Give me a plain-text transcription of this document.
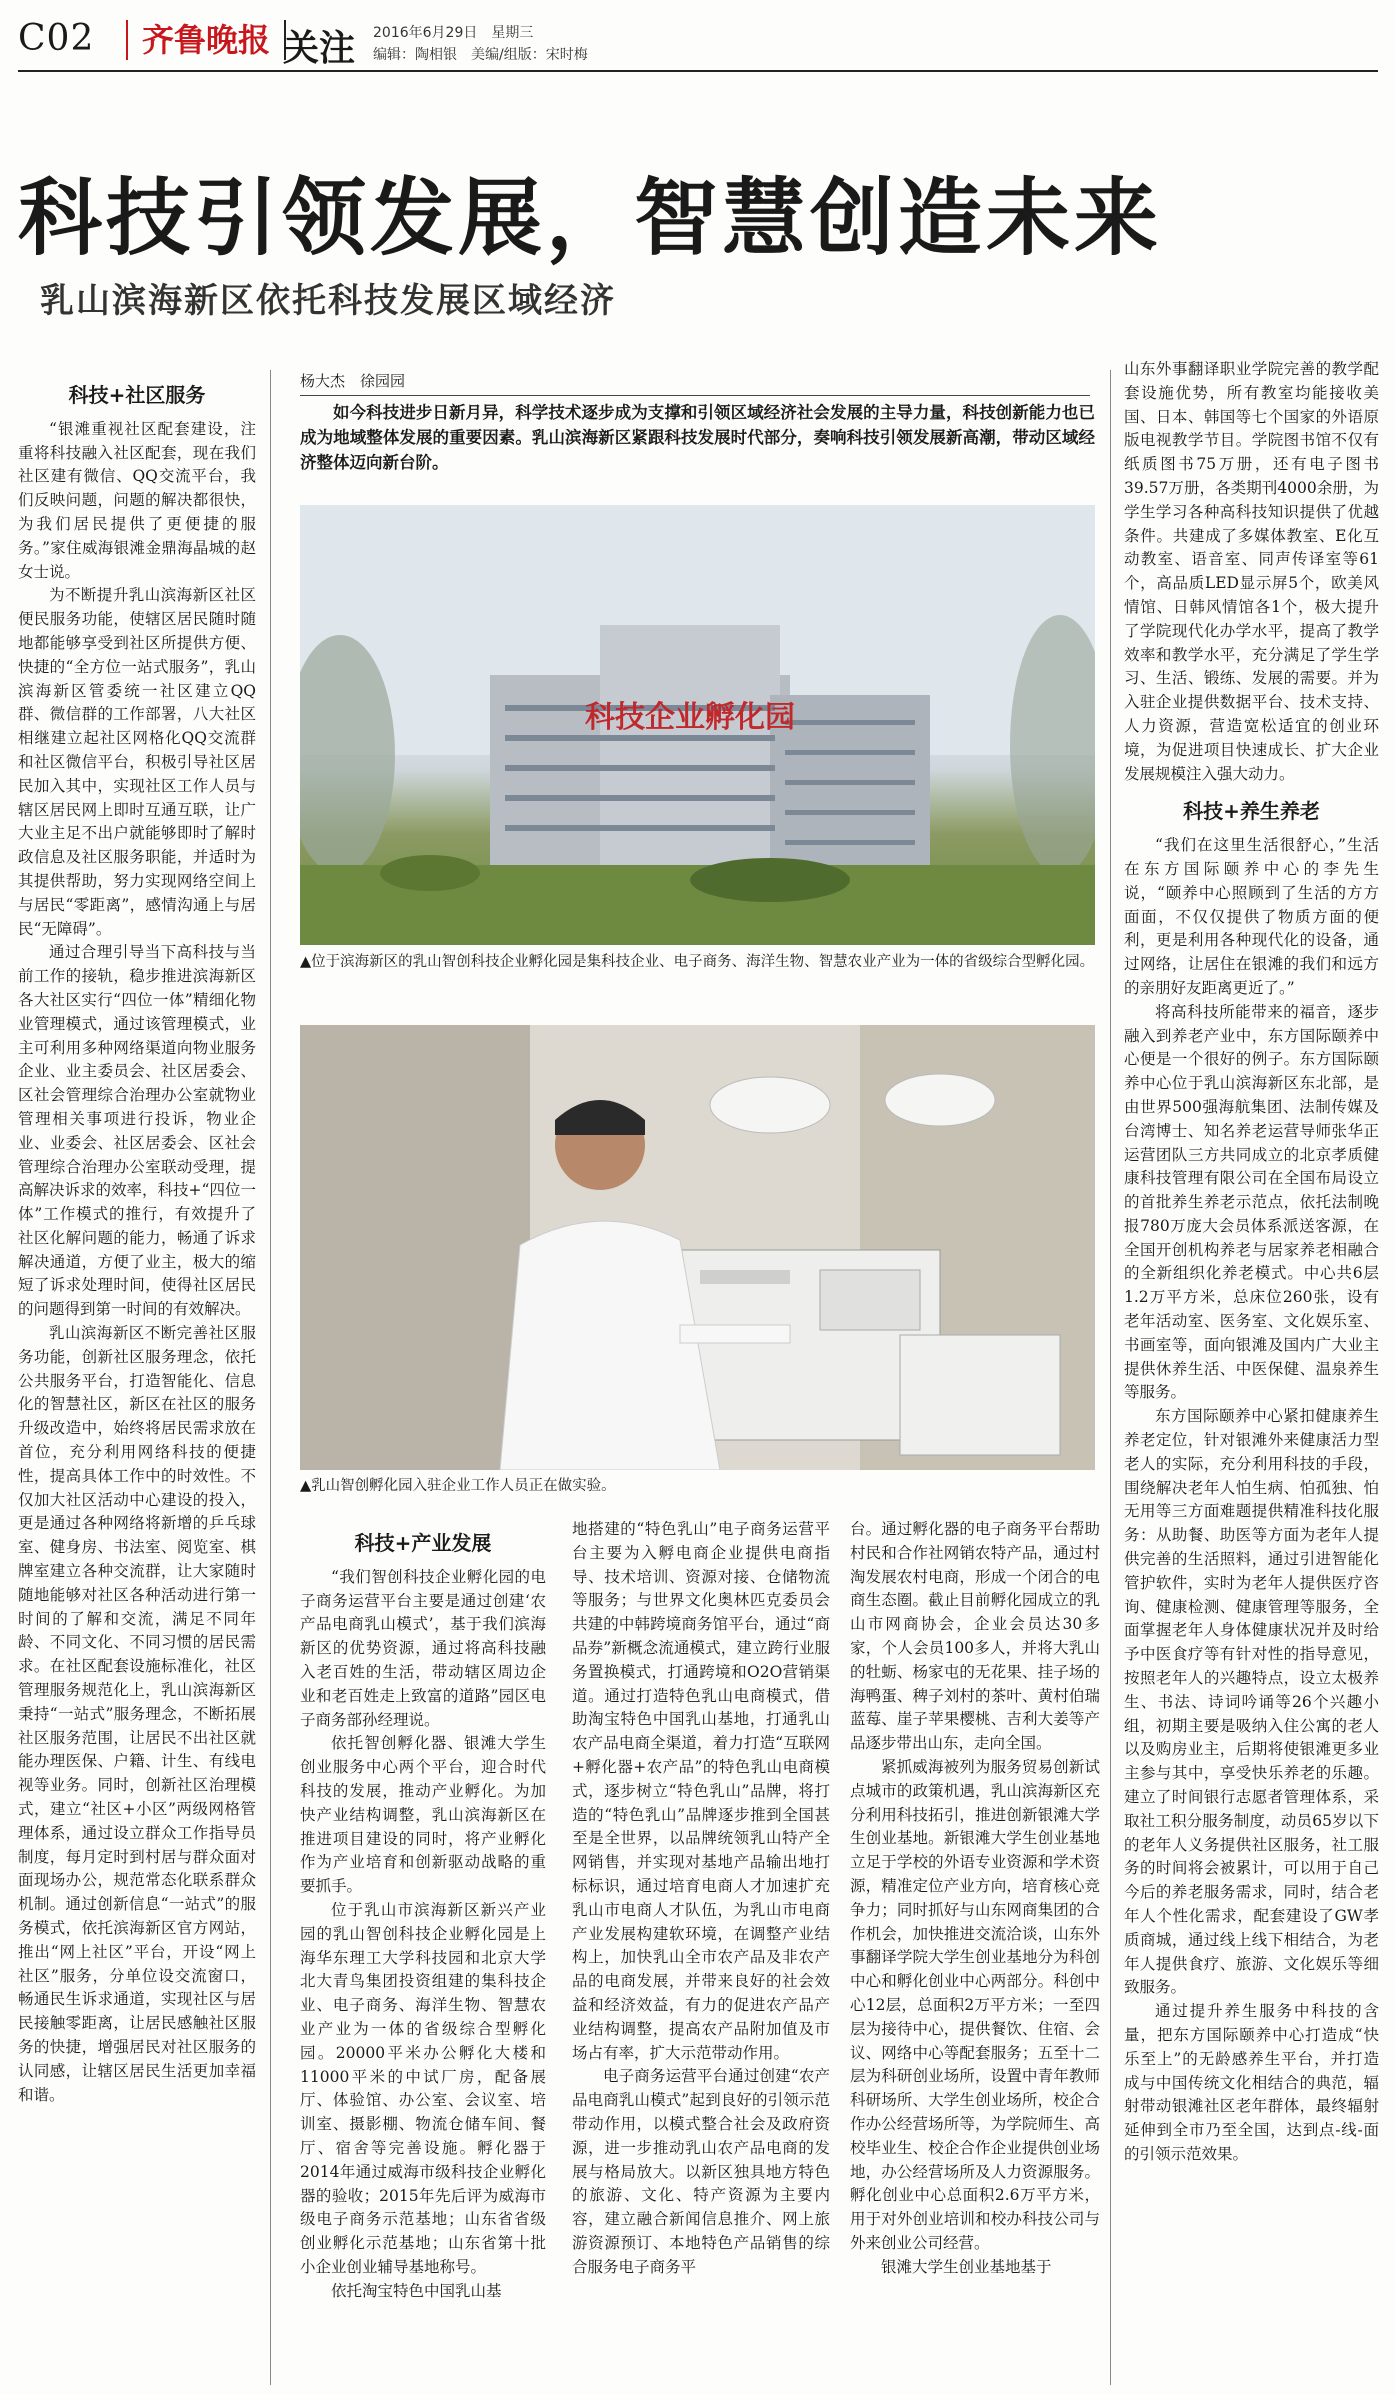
C02	齐鲁晚报 关注 2016年6月29日　星期三
编辑：陶相银　美编/组版：宋时梅
科技引领发展，智慧创造未来
乳山滨海新区依托科技发展区域经济
科技+社区服务

“银滩重视社区配套建设，注重将科技融入社区配套，现在我们社区建有微信、QQ交流平台，我们反映问题，问题的解决都很快，为我们居民提供了更便捷的服务。”家住威海银滩金鼎海晶城的赵女士说。

为不断提升乳山滨海新区社区便民服务功能，使辖区居民随时随地都能够享受到社区所提供方便、快捷的“全方位一站式服务”，乳山滨海新区管委统一社区建立QQ群、微信群的工作部署，八大社区相继建立起社区网格化QQ交流群和社区微信平台，积极引导社区居民加入其中，实现社区工作人员与辖区居民网上即时互通互联，让广大业主足不出户就能够即时了解时政信息及社区服务职能，并适时为其提供帮助，努力实现网络空间上与居民“零距离”，感情沟通上与居民“无障碍”。

通过合理引导当下高科技与当前工作的接轨，稳步推进滨海新区各大社区实行“四位一体”精细化物业管理模式，通过该管理模式，业主可利用多种网络渠道向物业服务企业、业主委员会、社区居委会、区社会管理综合治理办公室就物业管理相关事项进行投诉，物业企业、业委会、社区居委会、区社会管理综合治理办公室联动受理，提高解决诉求的效率，科技+“四位一体”工作模式的推行，有效提升了社区化解问题的能力，畅通了诉求解决通道，方便了业主，极大的缩短了诉求处理时间，使得社区居民的问题得到第一时间的有效解决。

乳山滨海新区不断完善社区服务功能，创新社区服务理念，依托公共服务平台，打造智能化、信息化的智慧社区，新区在社区的服务升级改造中，始终将居民需求放在首位，充分利用网络科技的便捷性，提高具体工作中的时效性。不仅加大社区活动中心建设的投入，更是通过各种网络将新增的乒乓球室、健身房、书法室、阅览室、棋牌室建立各种交流群，让大家随时随地能够对社区各种活动进行第一时间的了解和交流，满足不同年龄、不同文化、不同习惯的居民需求。在社区配套设施标准化，社区管理服务规范化上，乳山滨海新区秉持“一站式”服务理念，不断拓展社区服务范围，让居民不出社区就能办理医保、户籍、计生、有线电视等业务。同时，创新社区治理模式，建立“社区+小区”两级网格管理体系，通过设立群众工作指导员制度，每月定时到村居与群众面对面现场办公，规范常态化联系群众机制。通过创新信息“一站式”的服务模式，依托滨海新区官方网站，推出“网上社区”平台，开设“网上社区”服务，分单位设交流窗口，畅通民生诉求通道，实现社区与居民接触零距离，让居民感触社区服务的快捷，增强居民对社区服务的认同感，让辖区居民生活更加幸福和谐。

杨大杰　徐园园

如今科技进步日新月异，科学技术逐步成为支撑和引领区域经济社会发展的主导力量，科技创新能力也已成为地域整体发展的重要因素。乳山滨海新区紧跟科技发展时代部分，奏响科技引领发展新高潮，带动区域经济整体迈向新台阶。

科技企业孵化园

▲位于滨海新区的乳山智创科技企业孵化园是集科技企业、电子商务、海洋生物、智慧农业产业为一体的省级综合型孵化园。

▲乳山智创孵化园入驻企业工作人员正在做实验。

科技+产业发展

“我们智创科技企业孵化园的电子商务运营平台主要是通过创建‘农产品电商乳山模式’，基于我们滨海新区的优势资源，通过将高科技融入老百姓的生活，带动辖区周边企业和老百姓走上致富的道路”园区电子商务部孙经理说。

依托智创孵化器、银滩大学生创业服务中心两个平台，迎合时代科技的发展，推动产业孵化。为加快产业结构调整，乳山滨海新区在推进项目建设的同时，将产业孵化作为产业培育和创新驱动战略的重要抓手。

位于乳山市滨海新区新兴产业园的乳山智创科技企业孵化园是上海华东理工大学科技园和北京大学北大青鸟集团投资组建的集科技企业、电子商务、海洋生物、智慧农业产业为一体的省级综合型孵化园。20000平米办公孵化大楼和11000平米的中试厂房，配备展厅、体验馆、办公室、会议室、培训室、摄影棚、物流仓储车间、餐厅、宿舍等完善设施。孵化器于2014年通过威海市级科技企业孵化器的验收；2015年先后评为威海市级电子商务示范基地；山东省省级创业孵化示范基地；山东省第十批小企业创业辅导基地称号。

依托淘宝特色中国乳山基

地搭建的“特色乳山”电子商务运营平台主要为入孵电商企业提供电商指导、技术培训、资源对接、仓储物流等服务；与世界文化奥林匹克委员会共建的中韩跨境商务馆平台，通过“商品券”新概念流通模式，建立跨行业服务置换模式，打通跨境和O2O营销渠道。通过打造特色乳山电商模式，借助淘宝特色中国乳山基地，打通乳山农产品电商全渠道，着力打造“互联网+孵化器+农产品”的特色乳山电商模式，逐步树立“特色乳山”品牌，将打造的“特色乳山”品牌逐步推到全国甚至是全世界，以品牌统领乳山特产全网销售，并实现对基地产品输出地打标标识，通过培育电商人才加速扩充乳山市电商人才队伍，为乳山市电商产业发展构建软环境，在调整产业结构上，加快乳山全市农产品及非农产品的电商发展，并带来良好的社会效益和经济效益，有力的促进农产品产业结构调整，提高农产品附加值及市场占有率，扩大示范带动作用。

电子商务运营平台通过创建“农产品电商乳山模式”起到良好的引领示范带动作用，以模式整合社会及政府资源，进一步推动乳山农产品电商的发展与格局放大。以新区独具地方特色的旅游、文化、特产资源为主要内容，建立融合新闻信息推介、网上旅游资源预订、本地特色产品销售的综合服务电子商务平

台。通过孵化器的电子商务平台帮助村民和合作社网销农特产品，通过村淘发展农村电商，形成一个闭合的电商生态圈。截止目前孵化园成立的乳山市网商协会，企业会员达30多家，个人会员100多人，并将大乳山的牡蛎、杨家屯的无花果、挂子场的海鸭蛋、稗子刘村的茶叶、黄村伯瑞蓝莓、崖子苹果樱桃、吉利大姜等产品逐步带出山东，走向全国。

紧抓威海被列为服务贸易创新试点城市的政策机遇，乳山滨海新区充分利用科技拓引，推进创新银滩大学生创业基地。新银滩大学生创业基地立足于学校的外语专业资源和学术资源，精准定位产业方向，培育核心竞争力；同时抓好与山东网商集团的合作机会，加快推进交流洽谈，山东外事翻译学院大学生创业基地分为科创中心和孵化创业中心两部分。科创中心12层，总面积2万平方米；一至四层为接待中心，提供餐饮、住宿、会议、网络中心等配套服务；五至十二层为科研创业场所，设置中青年教师科研场所、大学生创业场所，校企合作办公经营场所等，为学院师生、高校毕业生、校企合作企业提供创业场地，办公经营场所及人力资源服务。孵化创业中心总面积2.6万平方米，用于对外创业培训和校办科技公司与外来创业公司经营。

银滩大学生创业基地基于

山东外事翻译职业学院完善的教学配套设施优势，所有教室均能接收美国、日本、韩国等七个国家的外语原版电视教学节目。学院图书馆不仅有纸质图书75万册，还有电子图书39.57万册，各类期刊4000余册，为学生学习各种高科技知识提供了优越条件。共建成了多媒体教室、E化互动教室、语音室、同声传译室等61个，高品质LED显示屏5个，欧美风情馆、日韩风情馆各1个，极大提升了学院现代化办学水平，提高了教学效率和教学水平，充分满足了学生学习、生活、锻练、发展的需要。并为入驻企业提供数据平台、技术支持、人力资源，营造宽松适宜的创业环境，为促进项目快速成长、扩大企业发展规模注入强大动力。

科技+养生养老

“我们在这里生活很舒心，”生活在东方国际颐养中心的李先生说，“颐养中心照顾到了生活的方方面面，不仅仅提供了物质方面的便利，更是利用各种现代化的设备，通过网络，让居住在银滩的我们和远方的亲朋好友距离更近了。”

将高科技所能带来的福音，逐步融入到养老产业中，东方国际颐养中心便是一个很好的例子。东方国际颐养中心位于乳山滨海新区东北部，是由世界500强海航集团、法制传媒及台湾博士、知名养老运营导师张华正运营团队三方共同成立的北京孝质健康科技管理有限公司在全国布局设立的首批养生养老示范点，依托法制晚报780万庞大会员体系派送客源，在全国开创机构养老与居家养老相融合的全新组织化养老模式。中心共6层1.2万平方米，总床位260张，设有老年活动室、医务室、文化娱乐室、书画室等，面向银滩及国内广大业主提供休养生活、中医保健、温泉养生等服务。

东方国际颐养中心紧扣健康养生养老定位，针对银滩外来健康活力型老人的实际，充分利用科技的手段，围绕解决老年人怕生病、怕孤独、怕无用等三方面难题提供精准科技化服务：从助餐、助医等方面为老年人提供完善的生活照料，通过引进智能化管护软件，实时为老年人提供医疗咨询、健康检测、健康管理等服务，全面掌握老年人身体健康状况并及时给予中医食疗等有针对性的指导意见，按照老年人的兴趣特点，设立太极养生、书法、诗词吟诵等26个兴趣小组，初期主要是吸纳入住公寓的老人以及购房业主，后期将使银滩更多业主参与其中，享受快乐养老的乐趣。建立了时间银行志愿者管理体系，采取社工积分服务制度，动员65岁以下的老年人义务提供社区服务，社工服务的时间将会被累计，可以用于自己今后的养老服务需求，同时，结合老年人个性化需求，配套建设了GW孝质商城，通过线上线下相结合，为老年人提供食疗、旅游、文化娱乐等细致服务。

通过提升养生服务中科技的含量，把东方国际颐养中心打造成“快乐至上”的无龄感养生平台，并打造成与中国传统文化相结合的典范，辐射带动银滩社区老年群体，最终辐射延伸到全市乃至全国，达到点-线-面的引领示范效果。
